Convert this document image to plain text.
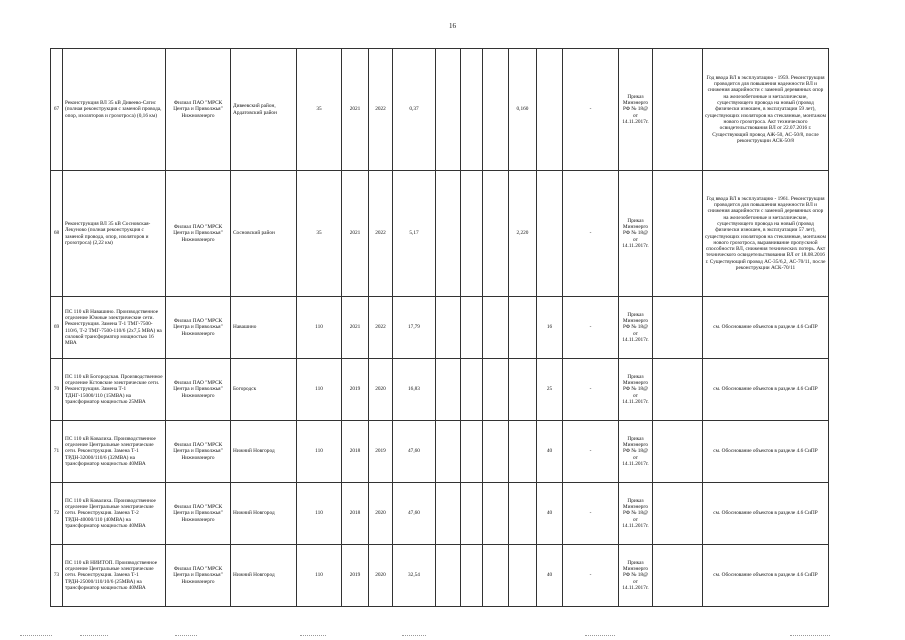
16
67	Реконструкция ВЛ 35 кВ Дивеево-Сатис (полная реконструкция с заменой провода, опор, изоляторов и грозотроса) (0,16 км)	Филиал ПАО "МРСК Центра и Приволжья" Нижновэнерго	Дивеевский район, Ардатовский район	35	2021	2022	0,37				0,160		-	Приказ Минэнерго РФ № 18@ от 14.11.2017г.		Год ввода ВЛ в эксплуатацию - 1959. Реконструкция проводится для повышения надежности ВЛ и снижения аварийности с заменой деревянных опор на железобетонные и металлические, существующего провода на новый (провод физически изношен, в эксплуатации 59 лет), существующих изоляторов на стеклянные, монтажом нового грозотроса. Акт технического освидетельствования ВЛ от 22.07.2016 г. Существующий провод АЖ-50, АС-50/8, после реконструкции АСК-50/8
68	Реконструкция ВЛ 35 кВ Сосновская-Лекуново (полная реконструкция с заменой провода, опор, изоляторов и грозотроса) (2,22 км)	Филиал ПАО "МРСК Центра и Приволжья" Нижновэнерго	Сосновский район	35	2021	2022	5,17				2,220		-	Приказ Минэнерго РФ № 18@ от 14.11.2017г.		Год ввода ВЛ в эксплуатацию - 1961. Реконструкция проводится для повышения надежности ВЛ и снижения аварийности с заменой деревянных опор на железобетонные и металлические, существующего провода на новый (провод физически изношен, в эксплуатации 57 лет), существующих изоляторов на стеклянные, монтажом нового грозотроса, выравнивание пропускной способности ВЛ, снижения технических потерь. Акт технического освидетельствования ВЛ от 18.08.2016 г. Существующий провод АС-35/6,2, АС-70/11, после реконструкции АСК-70/11
69	ПС 110 кВ Навашино. Производственное отделение Южные электрические сети. Реконструкция. Замена Т-1 ТМГ-7500-110/6, Т-2 ТМГ-7500-110/6 (2x7,5 МВА) на силовой трансформатор мощностью 16 МВА	Филиал ПАО "МРСК Центра и Приволжья" Нижновэнерго	Навашино	110	2021	2022	17,79					16	-	Приказ Минэнерго РФ № 18@ от 14.11.2017г.		см. Обоснование объектов в разделе 4.6 СиПР
70	ПС 110 кВ Богородская. Производственное отделение Кстовские электрические сети. Реконструкция. Замена Т-1 ТДНГ-15000/110 (15МВА) на трансформатор мощностью 25МВА	Филиал ПАО "МРСК Центра и Приволжья" Нижновэнерго	Богородск	110	2019	2020	16,83					25	-	Приказ Минэнерго РФ № 18@ от 14.11.2017г.		см. Обоснование объектов в разделе 4.6 СиПР
71	ПС 110 кВ Ковалиха. Производственное отделение Центральные электрические сети. Реконструкция. Замена Т-1 ТРДН-32000/110/6 (32МВА) на трансформатор мощностью 40МВА	Филиал ПАО "МРСК Центра и Приволжья" Нижновэнерго	Нижний Новгород	110	2018	2019	47,60					40	-	Приказ Минэнерго РФ № 18@ от 14.11.2017г.		см. Обоснование объектов в разделе 4.6 СиПР
72	ПС 110 кВ Ковалиха. Производственное отделение Центральные электрические сети. Реконструкция. Замена Т-2 ТРДН-40000/110 (40МВА) на трансформатор мощностью 40МВА	Филиал ПАО "МРСК Центра и Приволжья" Нижновэнерго	Нижний Новгород	110	2018	2020	47,60					40	-	Приказ Минэнерго РФ № 18@ от 14.11.2017г.		см. Обоснование объектов в разделе 4.6 СиПР
73	ПС 110 кВ НИИТОП. Производственное отделение Центральные электрические сети. Реконструкция. Замена Т-1 ТРДН-25000/110/10/6 (25МВА) на трансформатор мощностью 40МВА	Филиал ПАО "МРСК Центра и Приволжья" Нижновэнерго	Нижний Новгород	110	2019	2020	32,54					40	-	Приказ Минэнерго РФ № 18@ от 14.11.2017г.		см. Обоснование объектов в разделе 4.6 СиПР
